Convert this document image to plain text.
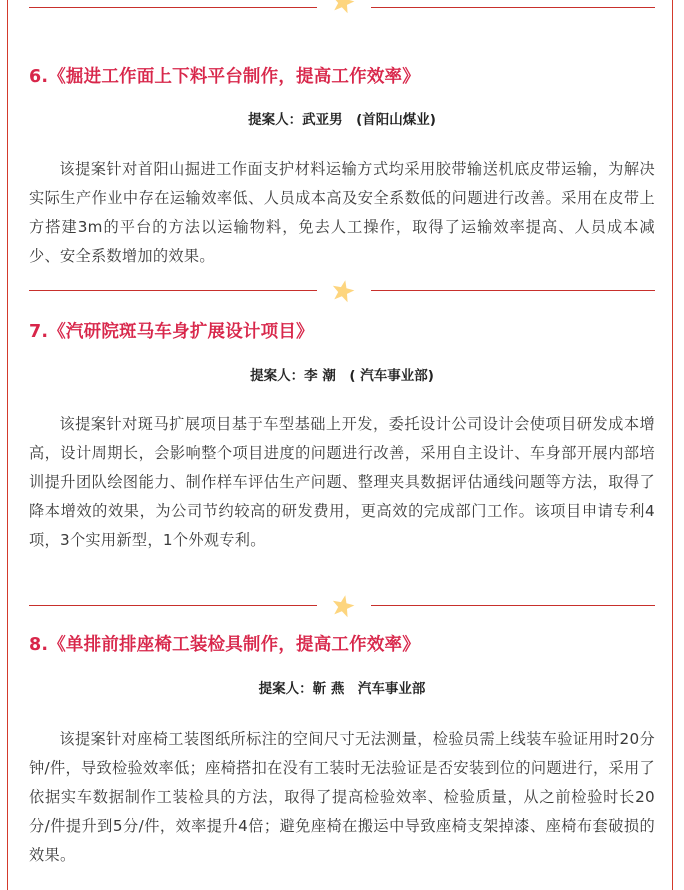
6.《掘进工作面上下料平台制作，提高工作效率》
提案人：武亚男　(首阳山煤业)

该提案针对首阳山掘进工作面支护材料运输方式均采用胶带输送机底皮带运输，为解决实际生产作业中存在运输效率低、人员成本高及安全系数低的问题进行改善。采用在皮带上方搭建3m的平台的方法以运输物料，免去人工操作，取得了运输效率提高、人员成本减少、安全系数增加的效果。

7.《汽研院斑马车身扩展设计项目》
提案人：李 潮　( 汽车事业部)

该提案针对斑马扩展项目基于车型基础上开发，委托设计公司设计会使项目研发成本增高，设计周期长，会影响整个项目进度的问题进行改善，采用自主设计、车身部开展内部培训提升团队绘图能力、制作样车评估生产问题、整理夹具数据评估通线问题等方法，取得了降本增效的效果，为公司节约较高的研发费用，更高效的完成部门工作。该项目申请专利4项，3个实用新型，1个外观专利。

8.《单排前排座椅工装检具制作，提高工作效率》
提案人：靳 燕　汽车事业部

该提案针对座椅工装图纸所标注的空间尺寸无法测量，检验员需上线装车验证用时20分钟/件，导致检验效率低；座椅搭扣在没有工装时无法验证是否安装到位的问题进行，采用了依据实车数据制作工装检具的方法，取得了提高检验效率、检验质量，从之前检验时长20分/件提升到5分/件，效率提升4倍；避免座椅在搬运中导致座椅支架掉漆、座椅布套破损的效果。
